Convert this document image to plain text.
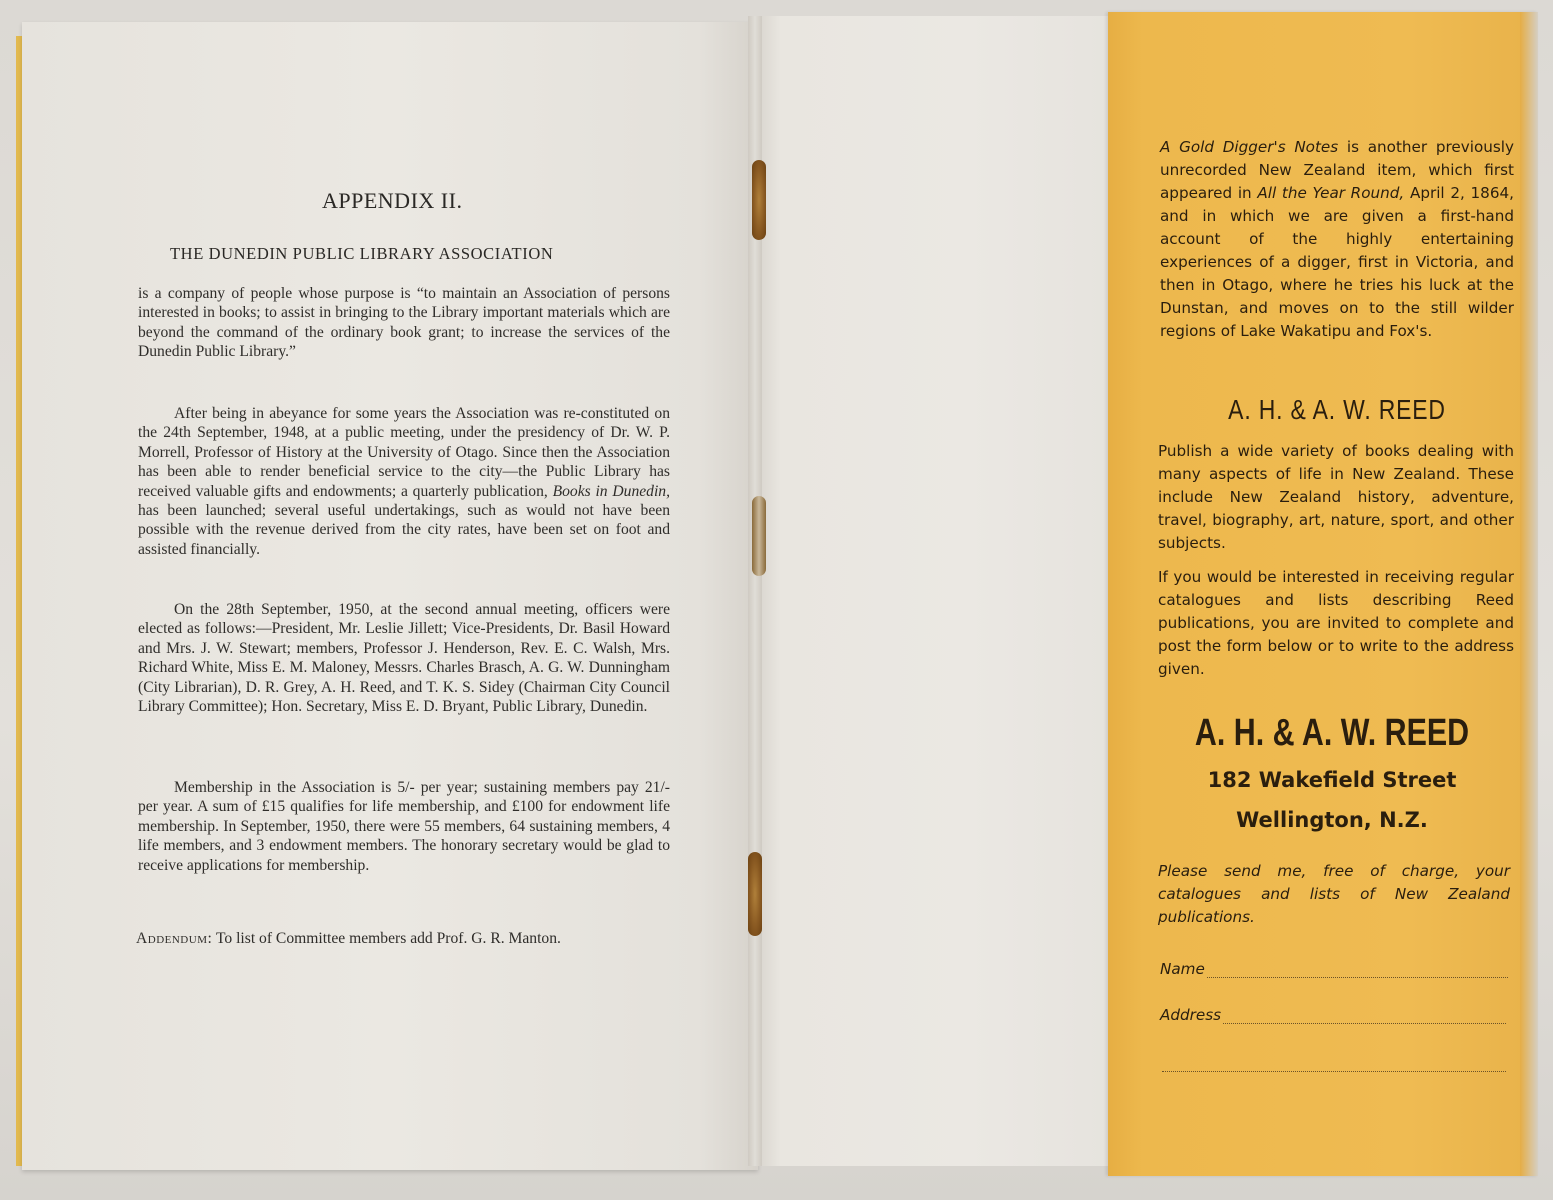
APPENDIX II.
THE DUNEDIN PUBLIC LIBRARY ASSOCIATION
is a company of people whose purpose is “to maintain an Association of persons interested in books; to assist in bringing to the Library important materials which are beyond the command of the ordinary book grant; to increase the services of the Dunedin Public Library.”
After being in abeyance for some years the Association was re-constituted on the 24th September, 1948, at a public meeting, under the presidency of Dr. W. P. Morrell, Professor of History at the University of Otago. Since then the Association has been able to render beneficial service to the city—the Public Library has received valuable gifts and endowments; a quarterly publication, Books in Dunedin, has been launched; several useful undertakings, such as would not have been possible with the revenue derived from the city rates, have been set on foot and assisted financially.
On the 28th September, 1950, at the second annual meeting, officers were elected as follows:—President, Mr. Leslie Jillett; Vice-Presidents, Dr. Basil Howard and Mrs. J. W. Stewart; members, Professor J. Henderson, Rev. E. C. Walsh, Mrs. Richard White, Miss E. M. Maloney, Messrs. Charles Brasch, A. G. W. Dunningham (City Librarian), D. R. Grey, A. H. Reed, and T. K. S. Sidey (Chairman City Council Library Committee); Hon. Secretary, Miss E. D. Bryant, Public Library, Dunedin.
Membership in the Association is 5/- per year; sustaining members pay 21/- per year. A sum of £15 qualifies for life membership, and £100 for endowment life membership. In September, 1950, there were 55 members, 64 sustaining members, 4 life members, and 3 endowment members. The honorary secretary would be glad to receive applications for membership.
Addendum: To list of Committee members add Prof. G. R. Manton.
A Gold Digger's Notes is another previously unrecorded New Zealand item, which first appeared in All the Year Round, April 2, 1864, and in which we are given a first-hand account of the highly entertaining experiences of a digger, first in Victoria, and then in Otago, where he tries his luck at the Dunstan, and moves on to the still wilder regions of Lake Wakatipu and Fox's.
A. H. & A. W. REED
Publish a wide variety of books dealing with many aspects of life in New Zealand. These include New Zealand history, adventure, travel, biography, art, nature, sport, and other subjects.
If you would be interested in receiving regular catalogues and lists describing Reed publications, you are invited to complete and post the form below or to write to the address given.
A. H. & A. W. REED
182 Wakefield Street
Wellington, N.Z.
Please send me, free of charge, your catalogues and lists of New Zealand publications.
Name
Address
